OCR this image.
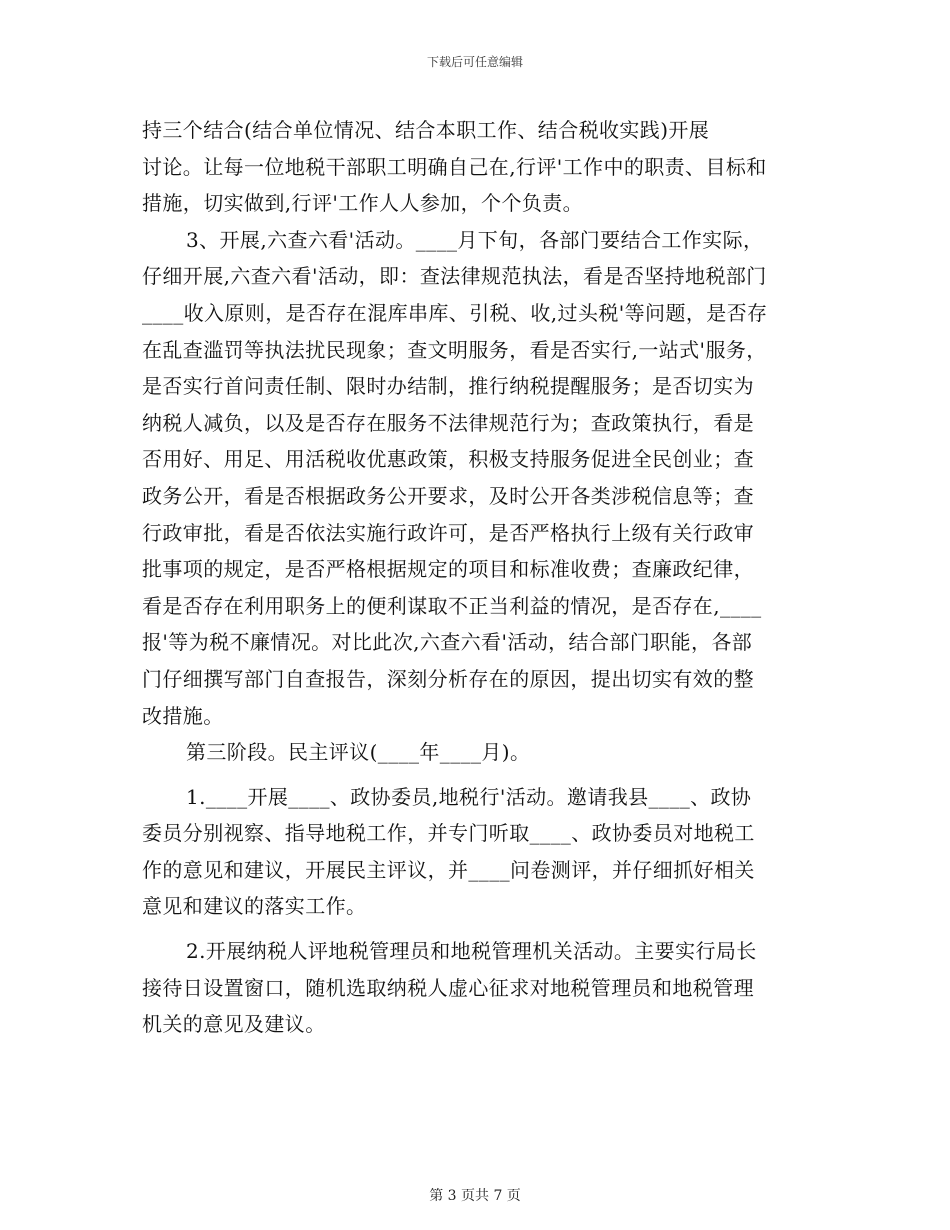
下载后可任意编辑
持三个结合(结合单位情况、结合本职工作、结合税收实践)开展
讨论。让每一位地税干部职工明确自己在,行评'工作中的职责、目标和
措施，切实做到,行评'工作人人参加，个个负责。
3、开展,六查六看'活动。____月下旬，各部门要结合工作实际，
仔细开展,六查六看'活动，即：查法律规范执法，看是否坚持地税部门
____收入原则，是否存在混库串库、引税、收,过头税'等问题，是否存
在乱查滥罚等执法扰民现象；查文明服务，看是否实行,一站式'服务，
是否实行首问责任制、限时办结制，推行纳税提醒服务；是否切实为
纳税人减负，以及是否存在服务不法律规范行为；查政策执行，看是
否用好、用足、用活税收优惠政策，积极支持服务促进全民创业；查
政务公开，看是否根据政务公开要求，及时公开各类涉税信息等；查
行政审批，看是否依法实施行政许可，是否严格执行上级有关行政审
批事项的规定，是否严格根据规定的项目和标准收费；查廉政纪律，
看是否存在利用职务上的便利谋取不正当利益的情况，是否存在,____
报'等为税不廉情况。对比此次,六查六看'活动，结合部门职能，各部
门仔细撰写部门自查报告，深刻分析存在的原因，提出切实有效的整
改措施。
第三阶段。民主评议(____年____月)。
1.____开展____、政协委员,地税行'活动。邀请我县____、政协
委员分别视察、指导地税工作，并专门听取____、政协委员对地税工
作的意见和建议，开展民主评议，并____问卷测评，并仔细抓好相关
意见和建议的落实工作。
2.开展纳税人评地税管理员和地税管理机关活动。主要实行局长
接待日设置窗口，随机选取纳税人虚心征求对地税管理员和地税管理
机关的意见及建议。
第 3 页共 7 页
